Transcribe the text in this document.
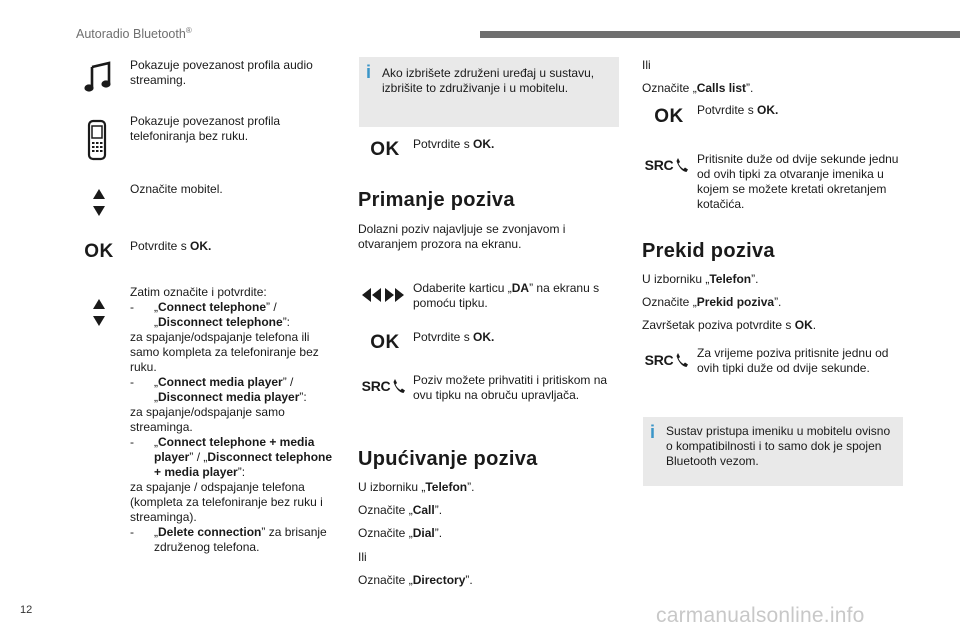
Autoradio Bluetooth®
Pokazuje povezanost profila audio streaming.
Pokazuje povezanost profila telefoniranja bez ruku.
Označite mobitel.
OK	Potvrdite s OK.
Zatim označite i potvrdite:
- „Connect telephone” /
„Disconnect telephone”:
za spajanje/odspajanje telefona ili samo kompleta za telefoniranje bez ruku.
- „Connect media player” /
„Disconnect media player”:
za spajanje/odspajanje samo streaminga.
- „Connect telephone + media player” / „Disconnect telephone + media player”:
za spajanje / odspajanje telefona (kompleta za telefoniranje bez ruku i streaminga).
- „Delete connection” za brisanje združenog telefona.
i Ako izbrišete združeni uređaj u sustavu, izbrišite to združivanje i u mobitelu.
OK	Potvrdite s OK.
Primanje poziva
Dolazni poziv najavljuje se zvonjavom i otvaranjem prozora na ekranu.
Odaberite karticu „DA” na ekranu s pomoću tipku.
OK	Potvrdite s OK.
SRC Poziv možete prihvatiti i pritiskom na ovu tipku na obruču upravljača.
Upućivanje poziva
U izborniku „Telefon”.
Označite „Call”.
Označite „Dial”.
Ili
Označite „Directory”.
Ili
Označite „Calls list”.
OK	Potvrdite s OK.
SRC Pritisnite duže od dvije sekunde jednu od ovih tipki za otvaranje imenika u kojem se možete kretati okretanjem kotačića.
Prekid poziva
U izborniku „Telefon”.
Označite „Prekid poziva”.
Završetak poziva potvrdite s OK.
SRC Za vrijeme poziva pritisnite jednu od ovih tipki duže od dvije sekunde.
i Sustav pristupa imeniku u mobitelu ovisno o kompatibilnosti i to samo dok je spojen Bluetooth vezom.
12	carmanualsonline.info
